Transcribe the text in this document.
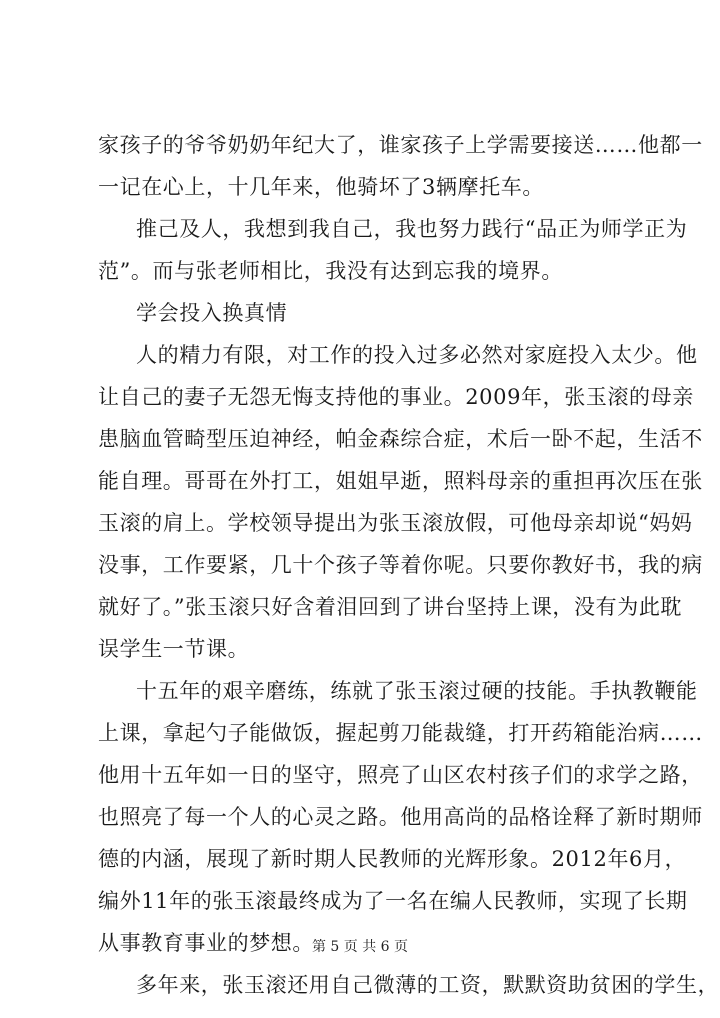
家孩子的爷爷奶奶年纪大了，谁家孩子上学需要接送……他都一
一记在心上，十几年来，他骑坏了3辆摩托车。
推己及人，我想到我自己，我也努力践行“品正为师学正为
范”。而与张老师相比，我没有达到忘我的境界。
学会投入换真情
人的精力有限，对工作的投入过多必然对家庭投入太少。他
让自己的妻子无怨无悔支持他的事业。2009年，张玉滚的母亲
患脑血管畸型压迫神经，帕金森综合症，术后一卧不起，生活不
能自理。哥哥在外打工，姐姐早逝，照料母亲的重担再次压在张
玉滚的肩上。学校领导提出为张玉滚放假，可他母亲却说“妈妈
没事，工作要紧，几十个孩子等着你呢。只要你教好书，我的病
就好了。”张玉滚只好含着泪回到了讲台坚持上课，没有为此耽
误学生一节课。
十五年的艰辛磨练，练就了张玉滚过硬的技能。手执教鞭能
上课，拿起勺子能做饭，握起剪刀能裁缝，打开药箱能治病……
他用十五年如一日的坚守，照亮了山区农村孩子们的求学之路，
也照亮了每一个人的心灵之路。他用高尚的品格诠释了新时期师
德的内涵，展现了新时期人民教师的光辉形象。2012年6月，
编外11年的张玉滚最终成为了一名在编人民教师，实现了长期
从事教育事业的梦想。
多年来，张玉滚还用自己微薄的工资，默默资助贫困的学生，
第 5 页 共 6 页
